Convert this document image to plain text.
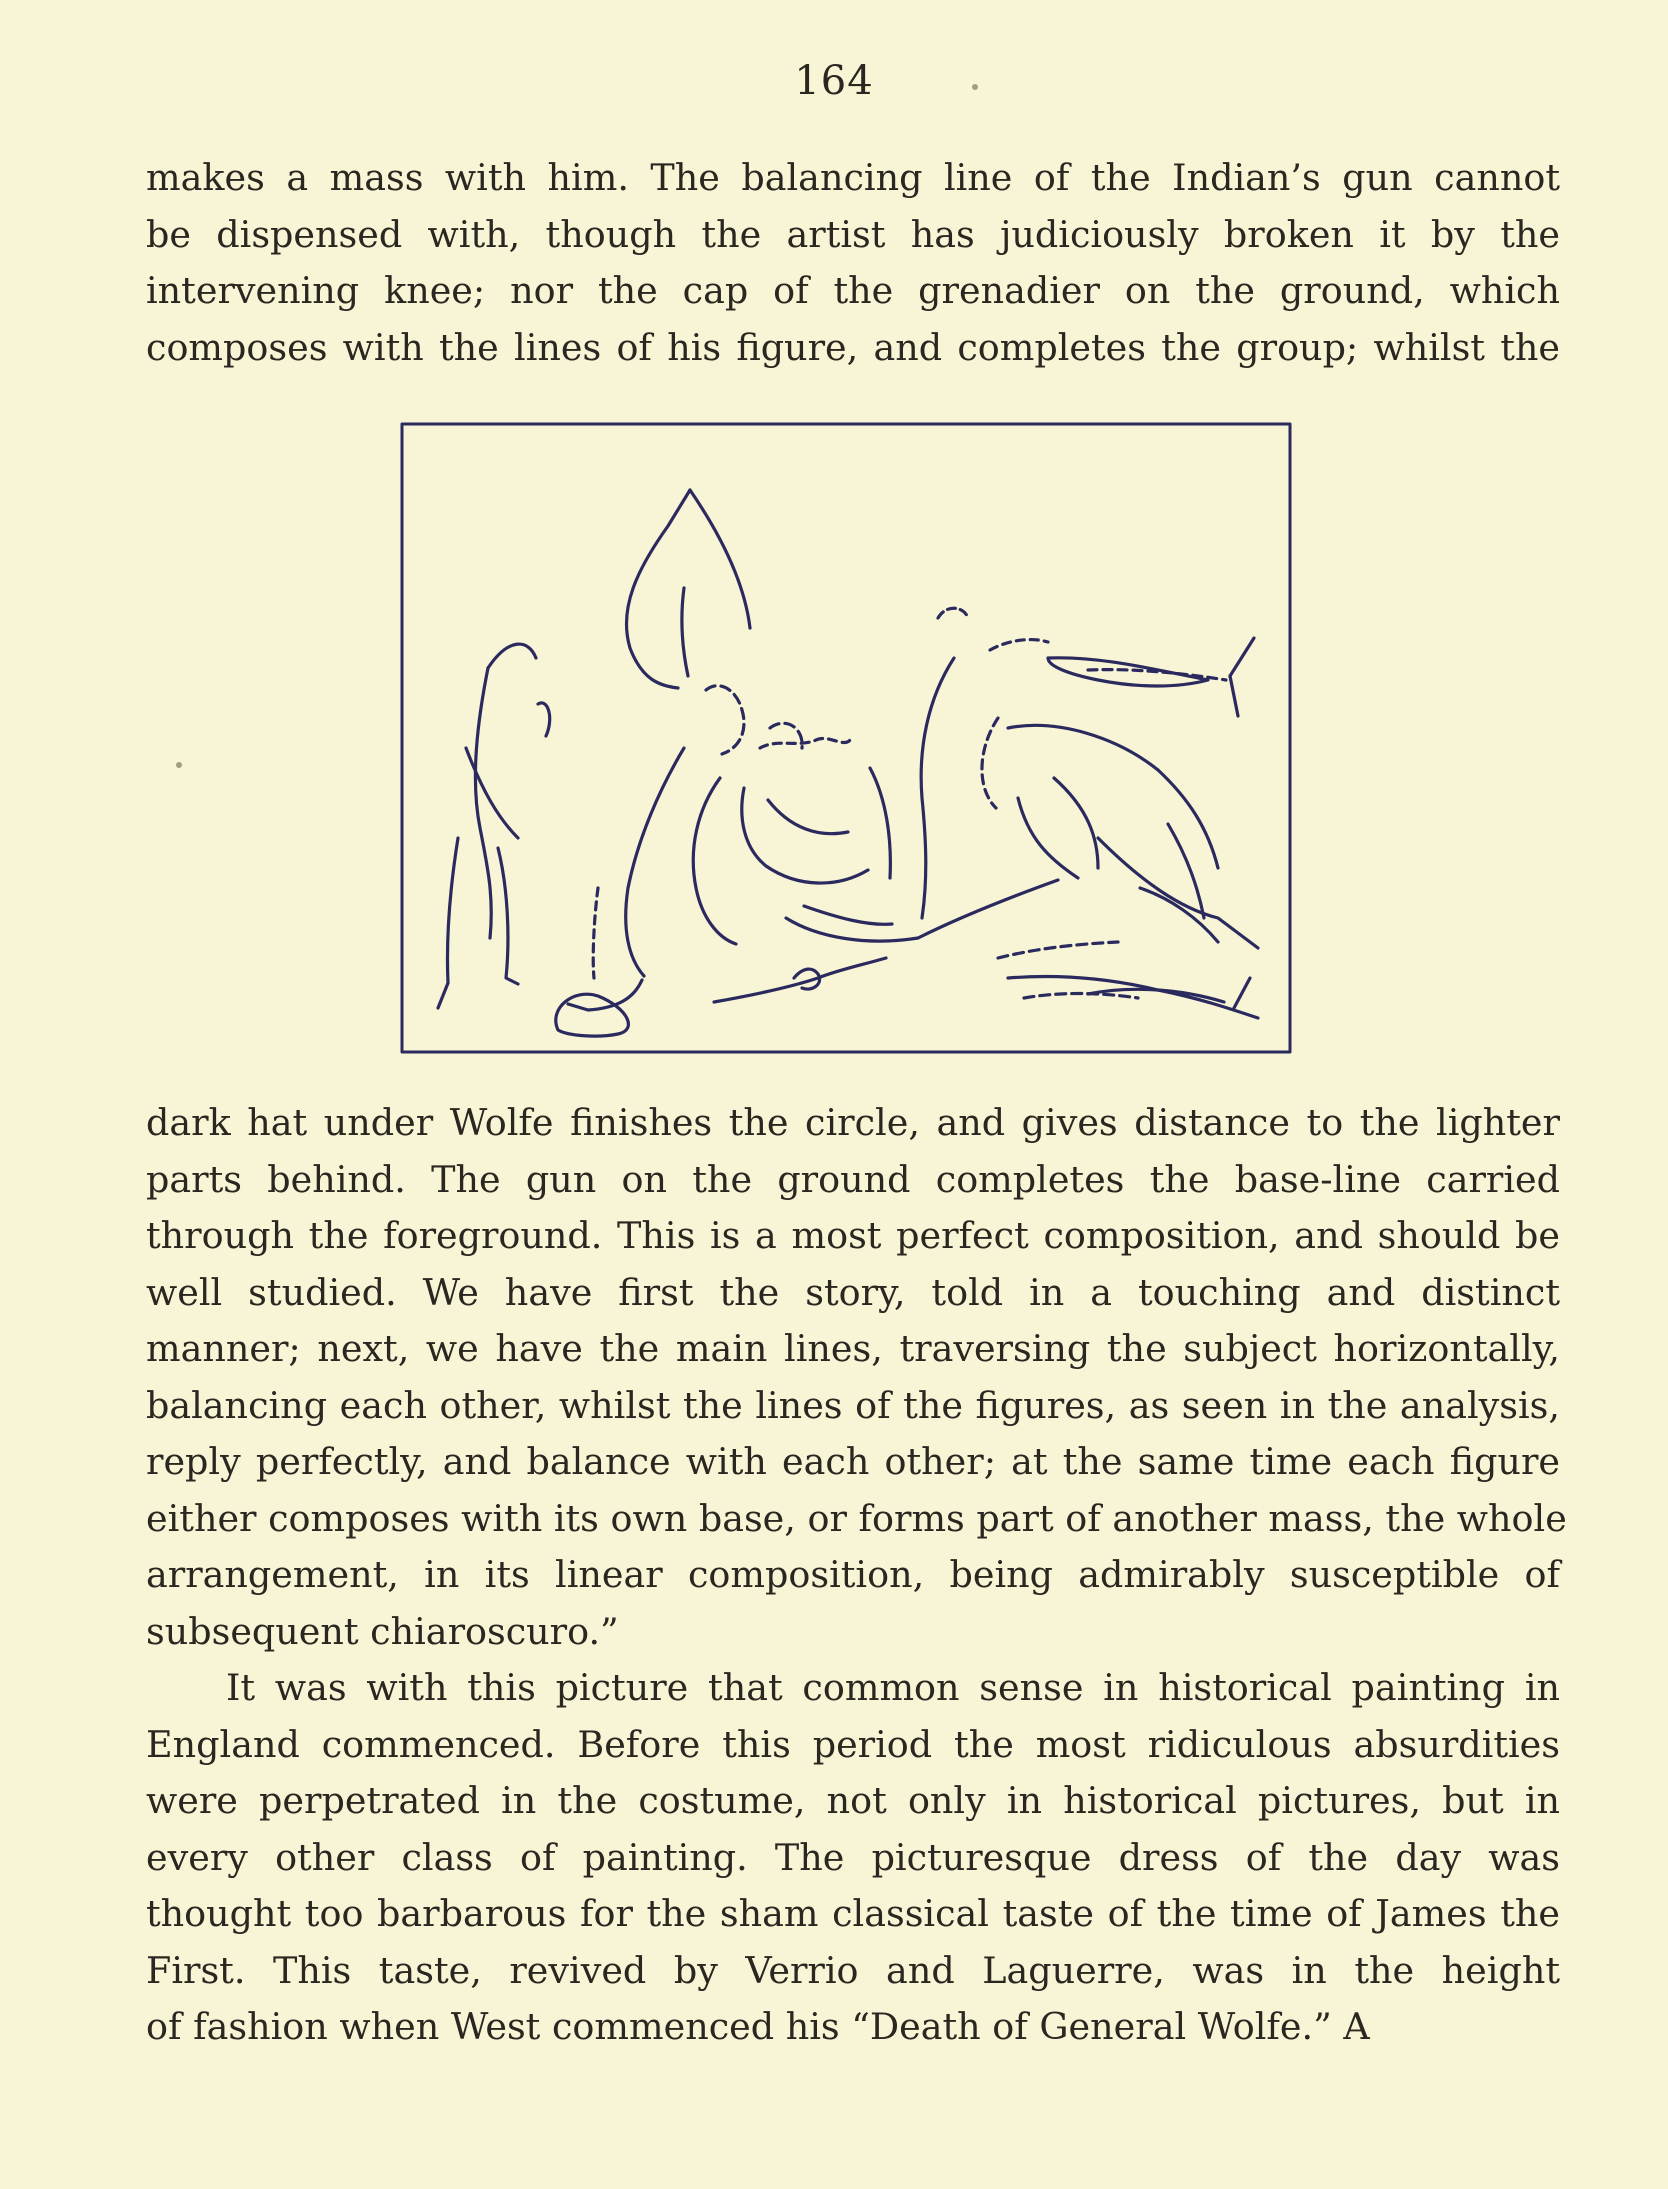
164
makes a mass with him. The balancing line of the Indian’s gun cannot
be dispensed with, though the artist has judiciously broken it by the
intervening knee; nor the cap of the grenadier on the ground, which
composes with the lines of his figure, and completes the group; whilst the
dark hat under Wolfe finishes the circle, and gives distance to the lighter
parts behind. The gun on the ground completes the base-line carried
through the foreground. This is a most perfect composition, and should be
well studied. We have first the story, told in a touching and distinct
manner; next, we have the main lines, traversing the subject horizontally,
balancing each other, whilst the lines of the figures, as seen in the analysis,
reply perfectly, and balance with each other; at the same time each figure
either composes with its own base, or forms part of another mass, the whole
arrangement, in its linear composition, being admirably susceptible of
subsequent chiaroscuro.”
It was with this picture that common sense in historical painting in
England commenced. Before this period the most ridiculous absurdities
were perpetrated in the costume, not only in historical pictures, but in
every other class of painting. The picturesque dress of the day was
thought too barbarous for the sham classical taste of the time of James the
First. This taste, revived by Verrio and Laguerre, was in the height
of fashion when West commenced his “Death of General Wolfe.” A
